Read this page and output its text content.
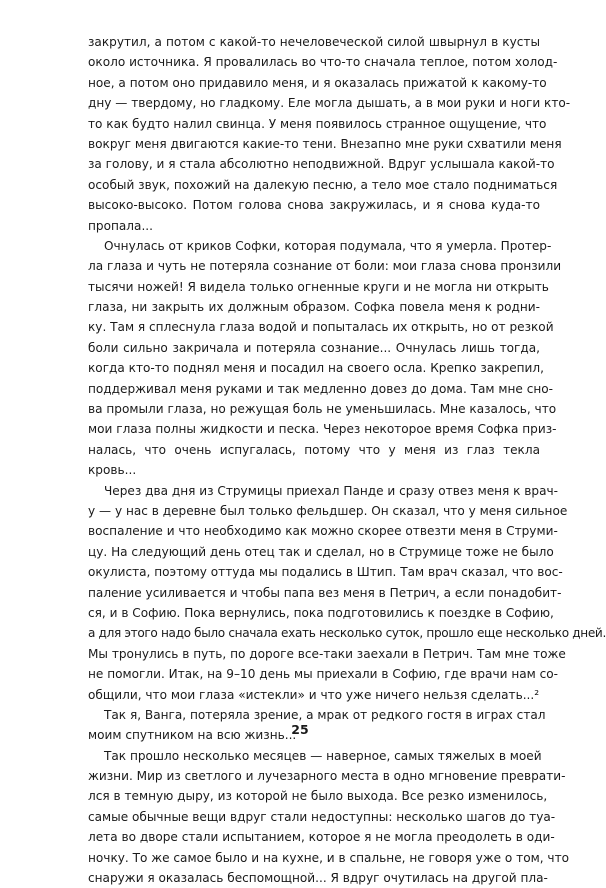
закрутил, а потом с какой-то нечеловеческой силой швырнул в кусты
около источника. Я провалилась во что-то сначала теплое, потом холод-
ное, а потом оно придавило меня, и я оказалась прижатой к какому-то
дну — твердому, но гладкому. Еле могла дышать, а в мои руки и ноги кто-
то как будто налил свинца. У меня появилось странное ощущение, что
вокруг меня двигаются какие-то тени. Внезапно мне руки схватили меня
за голову, и я стала абсолютно неподвижной. Вдруг услышала какой-то
особый звук, похожий на далекую песню, а тело мое стало подниматься
высоко-высоко. Потом голова снова закружилась, и я снова куда-то
пропала...
Очнулась от криков Софки, которая подумала, что я умерла. Протер-
ла глаза и чуть не потеряла сознание от боли: мои глаза снова пронзили
тысячи ножей! Я видела только огненные круги и не могла ни открыть
глаза, ни закрыть их должным образом. Софка повела меня к родни-
ку. Там я сплеснула глаза водой и попыталась их открыть, но от резкой
боли сильно закричала и потеряла сознание... Очнулась лишь тогда,
когда кто-то поднял меня и посадил на своего осла. Крепко закрепил,
поддерживал меня руками и так медленно довез до дома. Там мне сно-
ва промыли глаза, но режущая боль не уменьшилась. Мне казалось, что
мои глаза полны жидкости и песка. Через некоторое время Софка приз-
налась, что очень испугалась, потому что у меня из глаз текла
кровь...
Через два дня из Струмицы приехал Панде и сразу отвез меня к врач-
у — у нас в деревне был только фельдшер. Он сказал, что у меня сильное
воспаление и что необходимо как можно скорее отвезти меня в Струми-
цу. На следующий день отец так и сделал, но в Струмице тоже не было
окулиста, поэтому оттуда мы подались в Штип. Там врач сказал, что вос-
паление усиливается и чтобы папа вез меня в Петрич, а если понадобит-
ся, и в Софию. Пока вернулись, пока подготовились к поездке в Софию,
а для этого надо было сначала ехать несколько суток, прошло еще несколько дней.
Мы тронулись в путь, по дороге все-таки заехали в Петрич. Там мне тоже
не помогли. Итак, на 9–10 день мы приехали в Софию, где врачи нам со-
общили, что мои глаза «истекли» и что уже ничего нельзя сделать...²
Так я, Ванга, потеряла зрение, а мрак от редкого гостя в играх стал
моим спутником на всю жизнь...
Так прошло несколько месяцев — наверное, самых тяжелых в моей
жизни. Мир из светлого и лучезарного места в одно мгновение преврати-
лся в темную дыру, из которой не было выхода. Все резко изменилось,
самые обычные вещи вдруг стали недоступны: несколько шагов до туа-
лета во дворе стали испытанием, которое я не могла преодолеть в оди-
ночку. То же самое было и на кухне, и в спальне, не говоря уже о том, что
снаружи я оказалась беспомощной... Я вдруг очутилась на другой пла-
25
